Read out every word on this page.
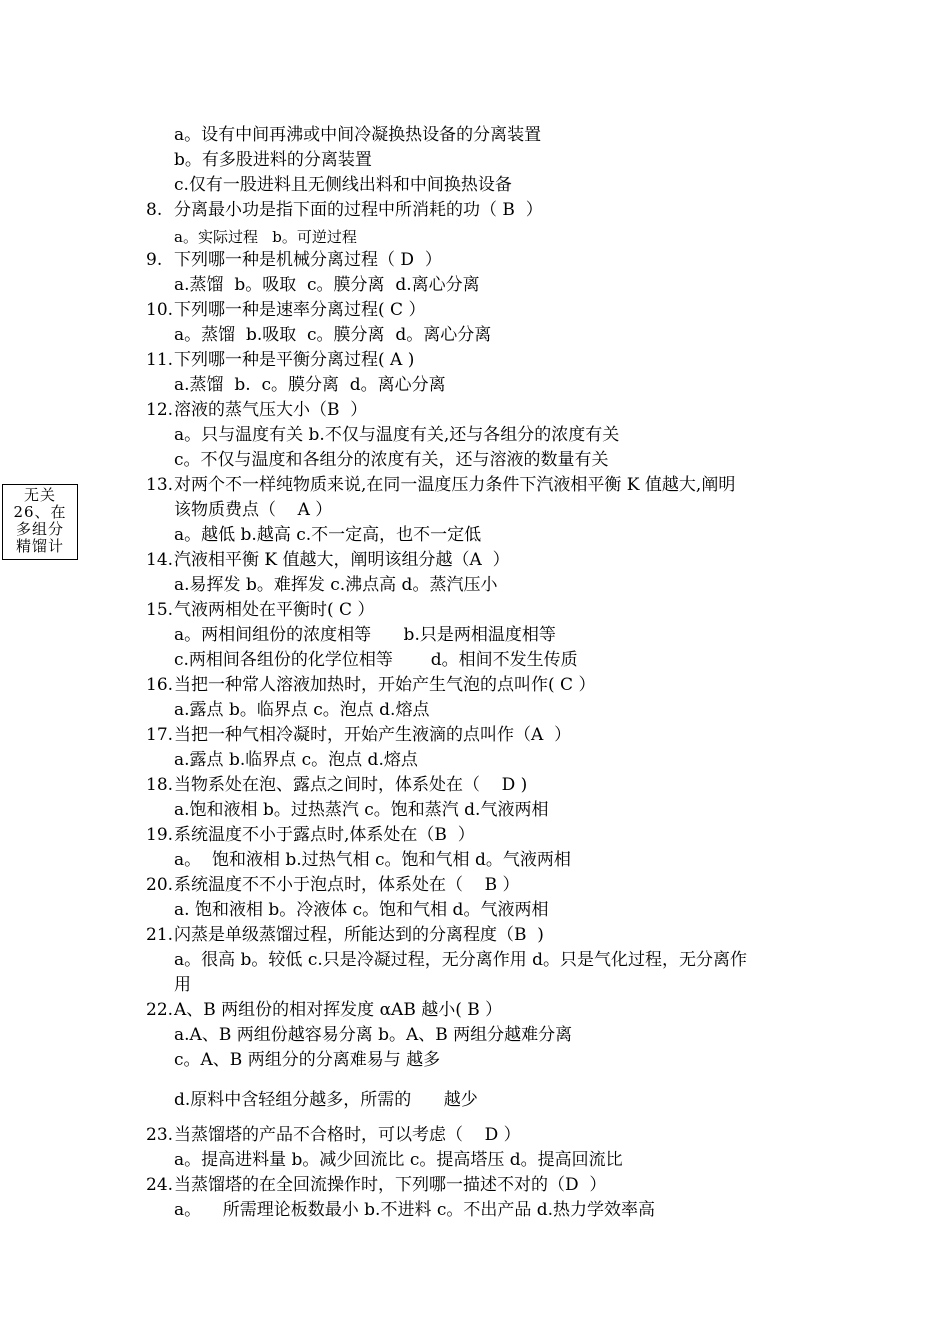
无关
26、在
多组分
精馏计
a。设有中间再沸或中间冷凝换热设备的分离装置
b。有多股进料的分离装置
c.仅有一股进料且无侧线出料和中间换热设备
8. 分离最小功是指下面的过程中所消耗的功（ B  ）
a。实际过程   b。可逆过程
9. 下列哪一种是机械分离过程（ D  ）
a.蒸馏  b。吸取  c。膜分离  d.离心分离
10. 下列哪一种是速率分离过程( C ）
a。蒸馏  b.吸取  c。膜分离  d。离心分离
11. 下列哪一种是平衡分离过程( A )
a.蒸馏  b.  c。膜分离  d。离心分离
12. 溶液的蒸气压大小（B  ）
a。只与温度有关 b.不仅与温度有关,还与各组分的浓度有关
c。不仅与温度和各组分的浓度有关，还与溶液的数量有关
13. 对两个不一样纯物质来说,在同一温度压力条件下汽液相平衡 K 值越大,阐明
该物质费点（    A ）
a。越低 b.越高 c.不一定高，也不一定低
14. 汽液相平衡 K 值越大，阐明该组分越（A  ）
a.易挥发 b。难挥发 c.沸点高 d。蒸汽压小
15. 气液两相处在平衡时( C ）
a。两相间组份的浓度相等      b.只是两相温度相等
c.两相间各组份的化学位相等       d。相间不发生传质
16. 当把一种常人溶液加热时，开始产生气泡的点叫作( C ）
a.露点 b。临界点 c。泡点 d.熔点
17. 当把一种气相冷凝时，开始产生液滴的点叫作（A  ）
a.露点 b.临界点 c。泡点 d.熔点
18. 当物系处在泡、露点之间时，体系处在（    D )
a.饱和液相 b。过热蒸汽 c。饱和蒸汽 d.气液两相
19. 系统温度不小于露点时,体系处在（B  ）
a。  饱和液相 b.过热气相 c。饱和气相 d。气液两相
20. 系统温度不不小于泡点时，体系处在（    B ）
a. 饱和液相 b。冷液体 c。饱和气相 d。气液两相
21. 闪蒸是单级蒸馏过程，所能达到的分离程度（B  )
a。很高 b。较低 c.只是冷凝过程，无分离作用 d。只是气化过程，无分离作
用
22. A、B 两组份的相对挥发度 αAB 越小( B ）
a.A、B 两组份越容易分离 b。A、B 两组分越难分离
c。A、B 两组分的分离难易与 越多
d.原料中含轻组分越多，所需的      越少
23. 当蒸馏塔的产品不合格时，可以考虑（    D ）
a。提高进料量 b。减少回流比 c。提高塔压 d。提高回流比
24. 当蒸馏塔的在全回流操作时，下列哪一描述不对的（D  ）
a。    所需理论板数最小 b.不进料 c。不出产品 d.热力学效率高
